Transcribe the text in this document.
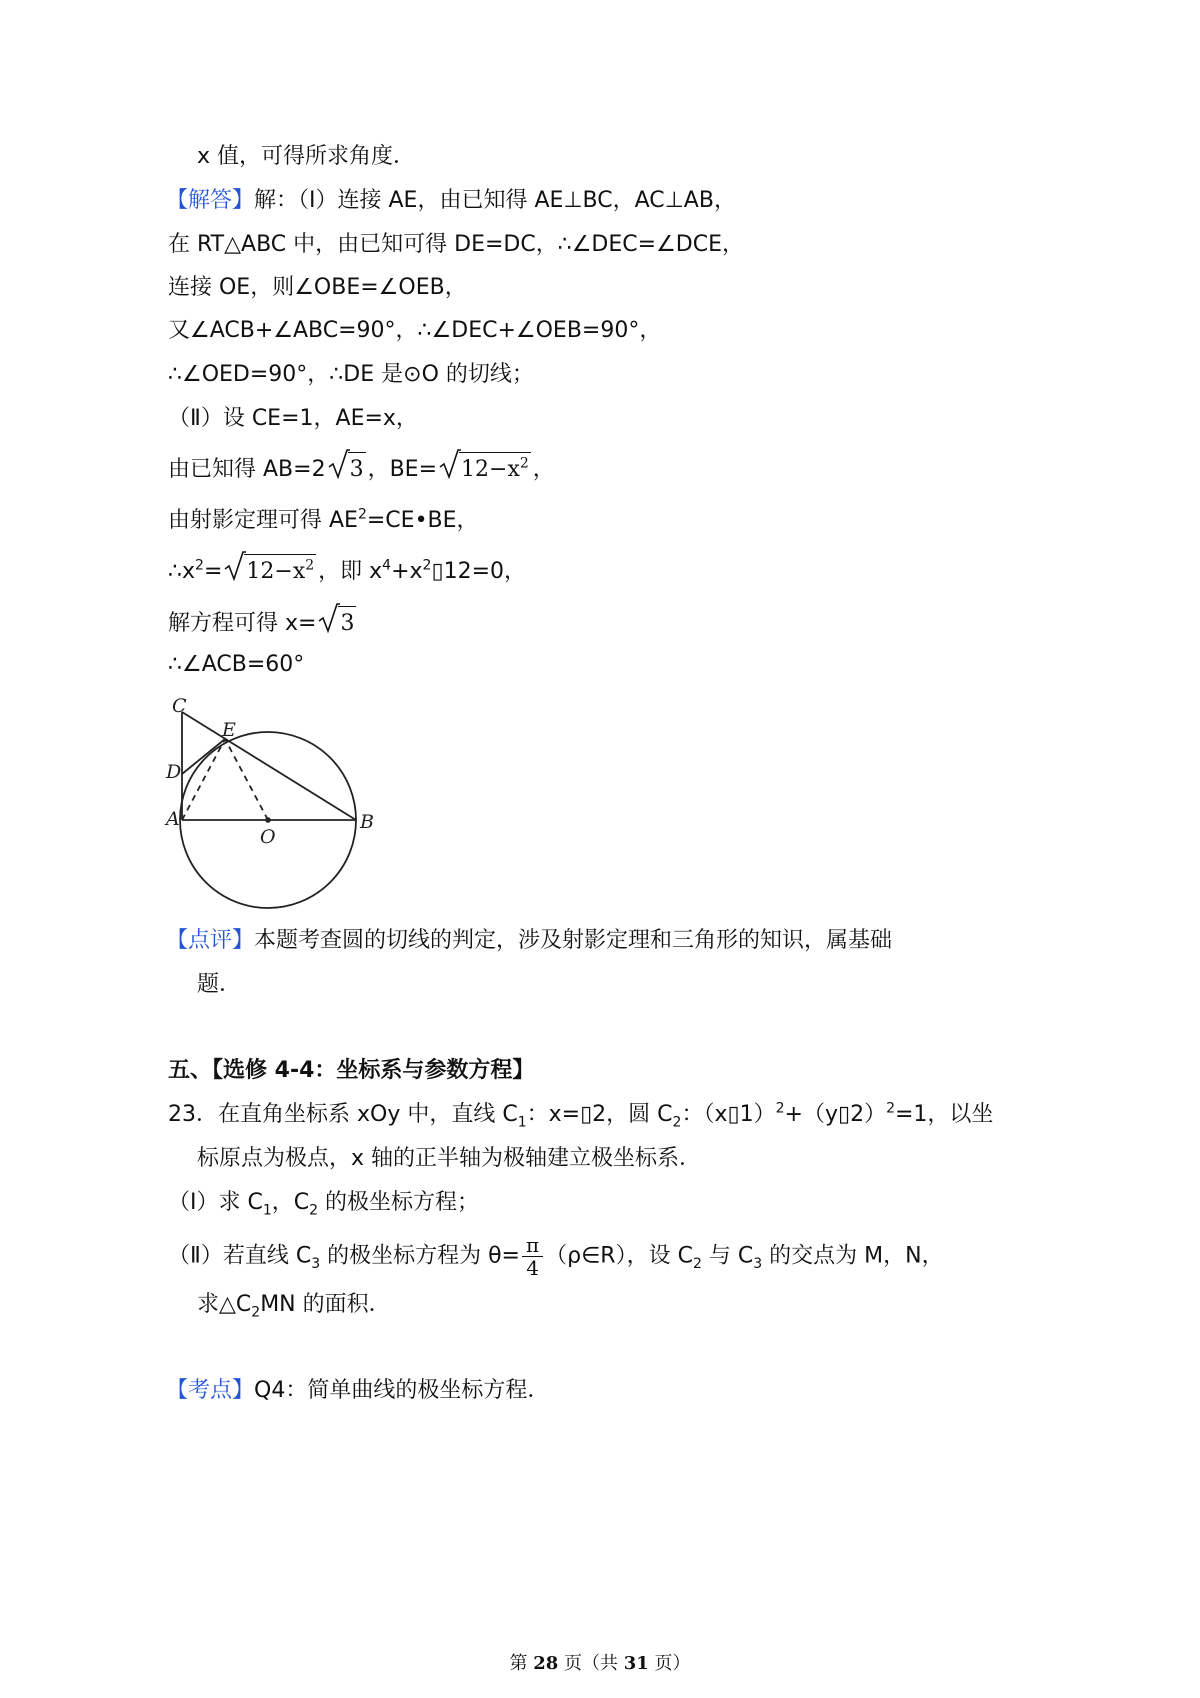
x 值，可得所求角度．
【解答】解：（Ⅰ）连接 AE，由已知得 AE⊥BC，AC⊥AB，
在 RT△ABC 中，由已知可得 DE=DC，∴∠DEC=∠DCE，
连接 OE，则∠OBE=∠OEB，
又∠ACB+∠ABC=90°，∴∠DEC+∠OEB=90°，
∴∠OED=90°，∴DE 是⊙O 的切线；
（Ⅱ）设 CE=1，AE=x，
由已知得 AB=2 3 ，$BE= 12-x^2$ ，
由射影定理可得 $AE^2=CE•BE$，
$\therefore x^2= 12-x^2$ ，即 $x^4+x^2▯12=0$，
解方程可得 x= 3
∴∠ACB=60°
C
E
D
A
O
B
【点评】本题考查圆的切线的判定，涉及射影定理和三角形的知识，属基础
题．
五、【选修 4-4：坐标系与参数方程】
23．在直角坐标系 xOy 中，直线 $C_1$：x=▯2，圆 $C_2$：（x▯1）$^2$+（y▯2）$^2$=1，以坐
标原点为极点，x 轴的正半轴为极轴建立极坐标系．
（Ⅰ）求 $C_1$，$C_2$ 的极坐标方程；
（Ⅱ）若直线 $C_3$ 的极坐标方程为 $\theta= \frac{\pi}{4}$ （ρ∈R），设 $C_2$ 与 $C_3$ 的交点为 M，N，
求$\triangle C_2MN$ 的面积．
【考点】Q4：简单曲线的极坐标方程．
第 28 页（共 31 页）
